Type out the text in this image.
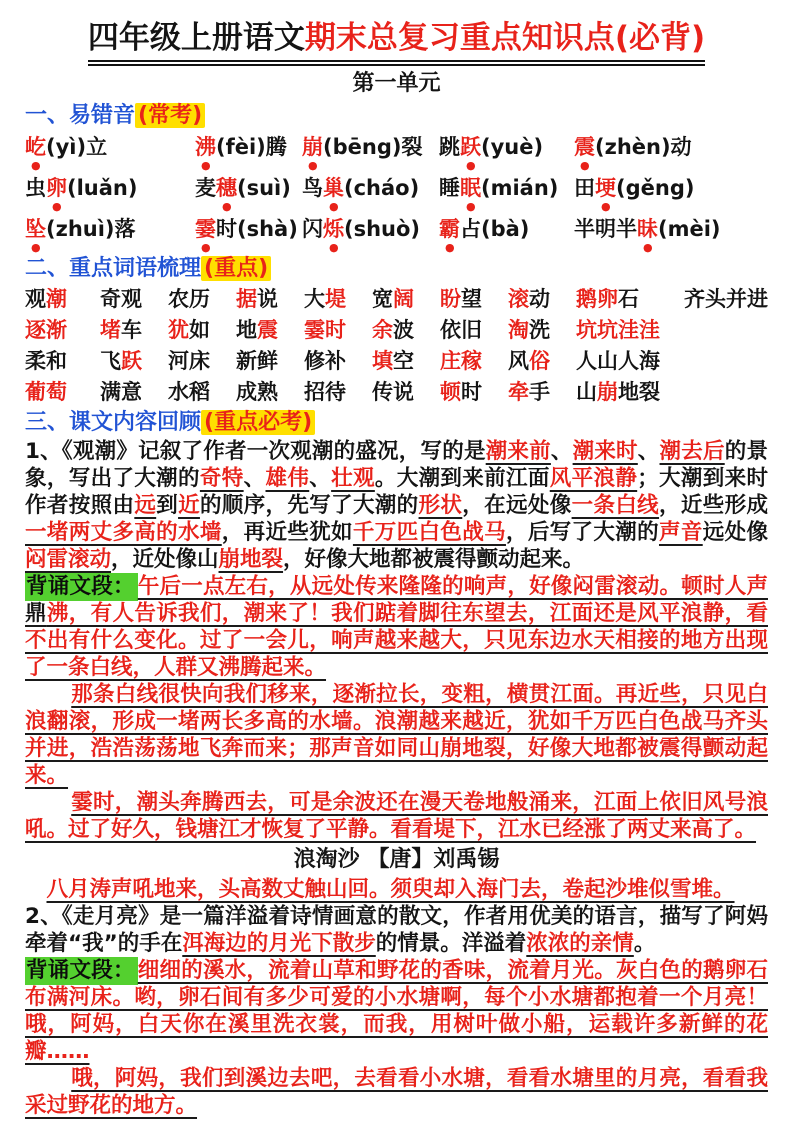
四年级上册语文期末总复习重点知识点(必背)
第一单元
一、易错音 (常考)
屹(yì)立	沸(fèi)腾 崩(bēng)裂 跳跃(yuè)	震(zhèn)动
虫卵(luǎn)	麦穗(suì) 鸟巢(cháo) 睡眠(mián) 田埂(gěng)
坠(zhuì)落	霎时(shà) 闪烁(shuò) 霸占(bà)	半明半昧(mèi)
二、重点词语梳理 (重点)
观潮	奇观	农历	据说	大堤	宽阔	盼望	滚动	鹅卵石	齐头并进
逐渐	堵车	犹如	地震	霎时	余波	依旧	淘洗	坑坑洼洼
柔和	飞跃	河床	新鲜	修补	填空	庄稼	风俗	人山人海
葡萄	满意	水稻	成熟	招待	传说	顿时	牵手	山崩地裂
三、课文内容回顾 (重点必考)

1、《观潮》记叙了作者一次观潮的盛况，写的是潮来前、潮来时、潮去后的景象，写出了大潮的奇特、雄伟、壮观。大潮到来前江面风平浪静；大潮到来时作者按照由远到近的顺序，先写了大潮的形状，在远处像一条白线，近些形成一堵两丈多高的水墙，再近些犹如千万匹白色战马，后写了大潮的声音远处像闷雷滚动，近处像山崩地裂，好像大地都被震得颤动起来。

背诵文段： 午后一点左右，从远处传来隆隆的响声，好像闷雷滚动。顿时人声鼎沸，有人告诉我们，潮来了！我们踮着脚往东望去，江面还是风平浪静，看不出有什么变化。过了一会儿，响声越来越大，只见东边水天相接的地方出现了一条白线，人群又沸腾起来。

那条白线很快向我们移来，逐渐拉长，变粗，横贯江面。再近些，只见白浪翻滚，形成一堵两长多高的水墙。浪潮越来越近，犹如千万匹白色战马齐头并进，浩浩荡荡地飞奔而来；那声音如同山崩地裂，好像大地都被震得颤动起来。

霎时，潮头奔腾西去，可是余波还在漫天卷地般涌来，江面上依旧风号浪吼。过了好久，钱塘江才恢复了平静。看看堤下，江水已经涨了两丈来高了。

浪淘沙 【唐】刘禹锡

八月涛声吼地来，头高数丈触山回。须臾却入海门去，卷起沙堆似雪堆。

2、《走月亮》是一篇洋溢着诗情画意的散文，作者用优美的语言，描写了阿妈牵着“我”的手在洱海边的月光下散步的情景。洋溢着浓浓的亲情。

背诵文段： 细细的溪水，流着山草和野花的香味，流着月光。灰白色的鹅卵石布满河床。哟，卵石间有多少可爱的小水塘啊，每个小水塘都抱着一个月亮！哦，阿妈，白天你在溪里洗衣裳，而我，用树叶做小船，运载许多新鲜的花瓣……

哦，阿妈，我们到溪边去吧，去看看小水塘，看看水塘里的月亮，看看我采过野花的地方。
